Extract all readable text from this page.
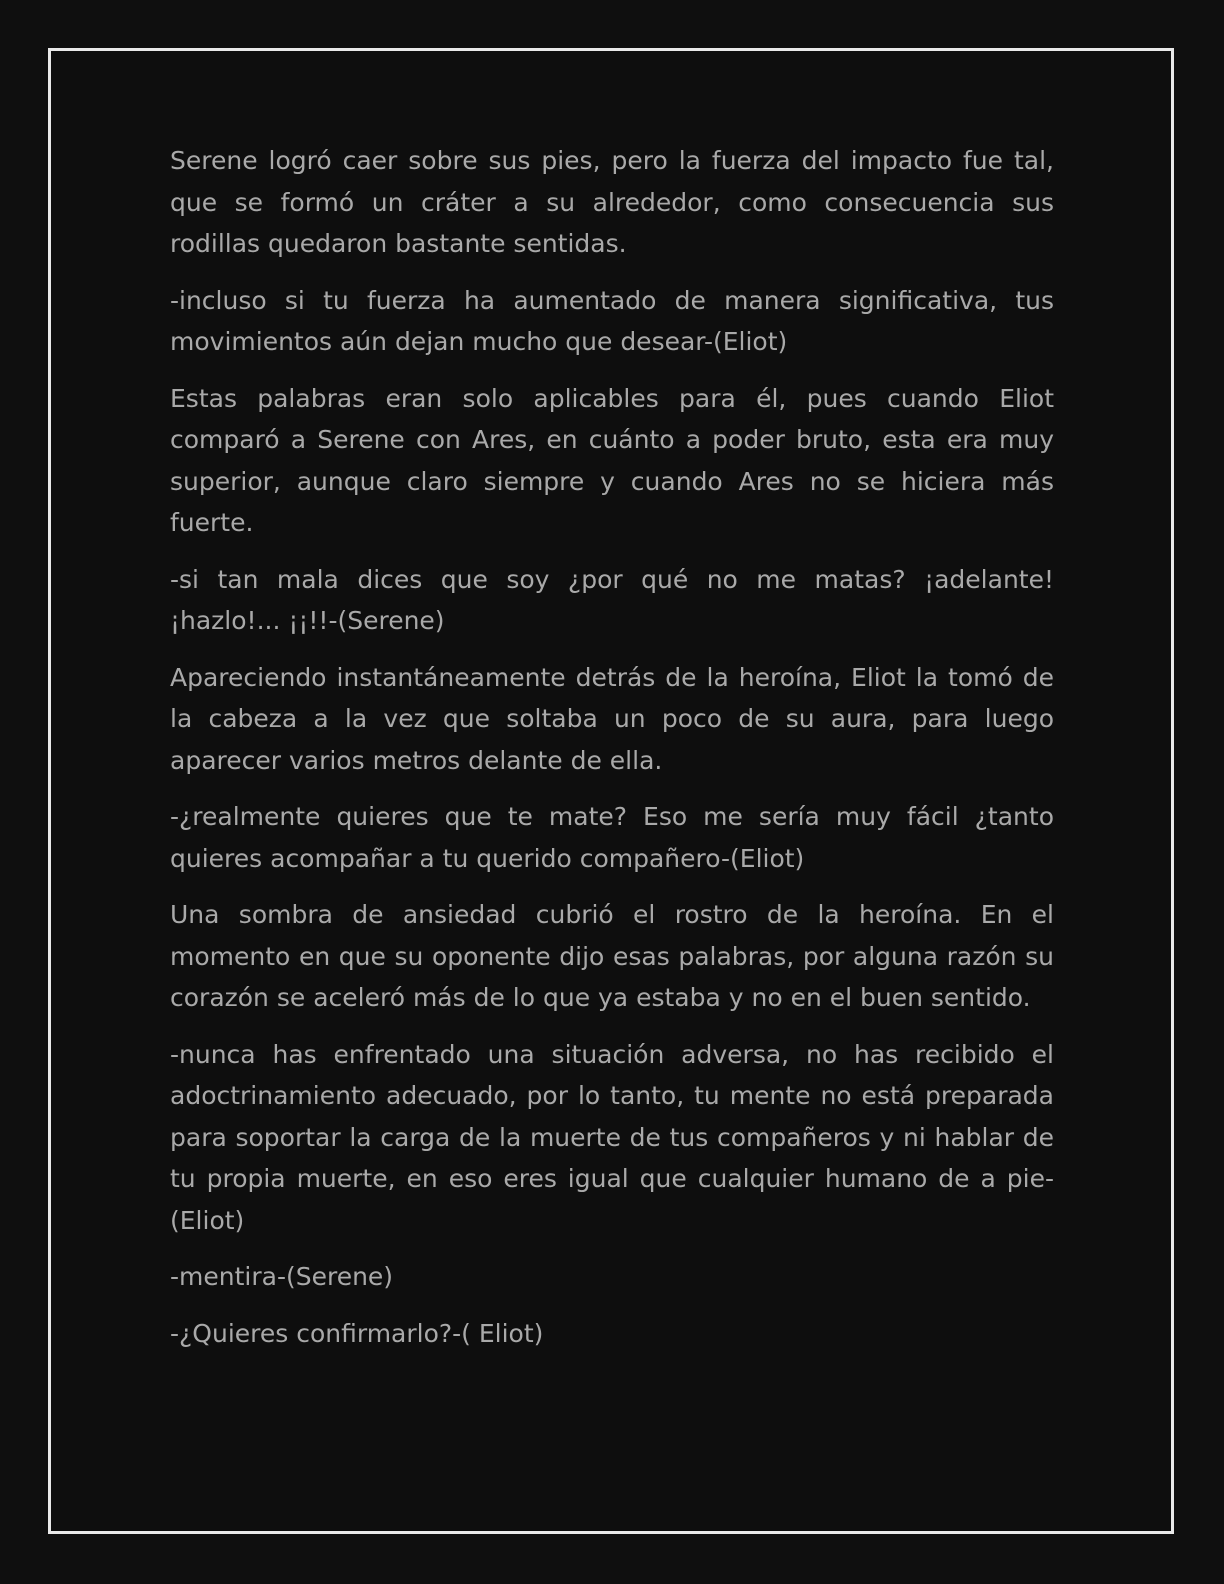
Serene logró caer sobre sus pies, pero la fuerza del impacto fue tal, que se formó un cráter a su alrededor, como consecuencia sus rodillas quedaron bastante sentidas.

-incluso si tu fuerza ha aumentado de manera significativa, tus movimientos aún dejan mucho que desear-(Eliot)

Estas palabras eran solo aplicables para él, pues cuando Eliot comparó a Serene con Ares, en cuánto a poder bruto, esta era muy superior, aunque claro siempre y cuando Ares no se hiciera más fuerte.

-si tan mala dices que soy ¿por qué no me matas? ¡adelante! ¡hazlo!... ¡¡!!-(Serene)

Apareciendo instantáneamente detrás de la heroína, Eliot la tomó de la cabeza a la vez que soltaba un poco de su aura, para luego aparecer varios metros delante de ella.

-¿realmente quieres que te mate? Eso me sería muy fácil ¿tanto quieres acompañar a tu querido compañero-(Eliot)

Una sombra de ansiedad cubrió el rostro de la heroína. En el momento en que su oponente dijo esas palabras, por alguna razón su corazón se aceleró más de lo que ya estaba y no en el buen sentido.

-nunca has enfrentado una situación adversa, no has recibido el adoctrinamiento adecuado, por lo tanto, tu mente no está preparada para soportar la carga de la muerte de tus compañeros y ni hablar de tu propia muerte, en eso eres igual que cualquier humano de a pie-(Eliot)

-mentira-(Serene)

-¿Quieres confirmarlo?-( Eliot)
